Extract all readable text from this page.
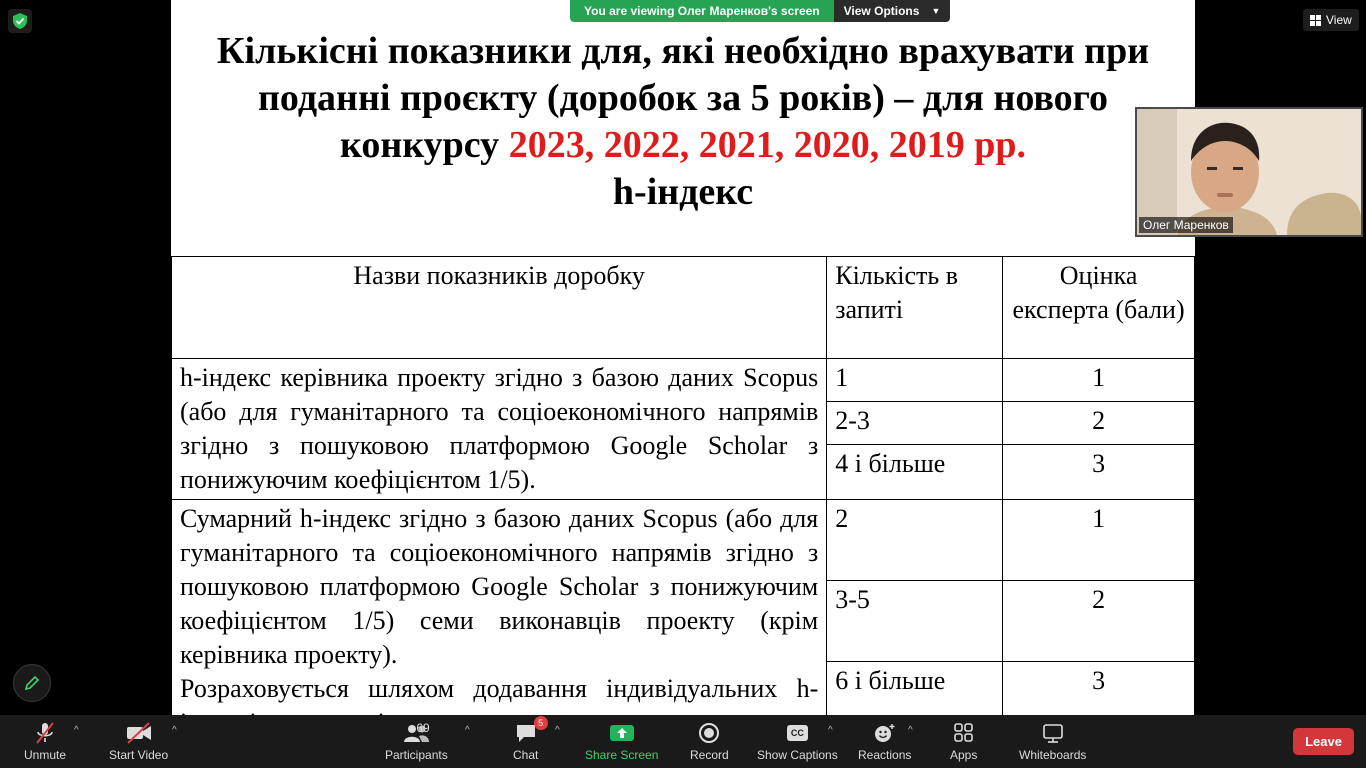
Кількісні показники для, які необхідно врахувати при
поданні проєкту (доробок за 5 років) – для нового
конкурсу 2023, 2022, 2021, 2020, 2019 рр.
h-індекс
Назви показників доробку	Кількість в запиті	Оцінка експерта (бали)
h-індекс керівника проекту згідно з базою даних Scopus (або для гуманітарного та соціоекономічного напрямів згідно з пошуковою платформою Google Scholar з понижуючим коефіцієнтом 1/5).	1	1
	2-3	2
	4 і більше	3

Сумарний h-індекс згідно з базою даних Scopus (або для гуманітарного та соціоекономічного напрямів згідно з пошуковою платформою Google Scholar з понижуючим коефіцієнтом 1/5) семи виконавців проекту (крім керівника проекту).

Розраховується шляхом додавання індивідуальних h-	2	1
	3-5	2
	6 і більше	3
You are viewing Олег Маренков's screen	View Options ▼
View
Олег Маренков
Unmute
^
Start Video
^	69
Participants
^
5
Chat
^
Share Screen	Record
CC
Show Captions
^
Reactions
^
Apps	Whiteboards
Leave
